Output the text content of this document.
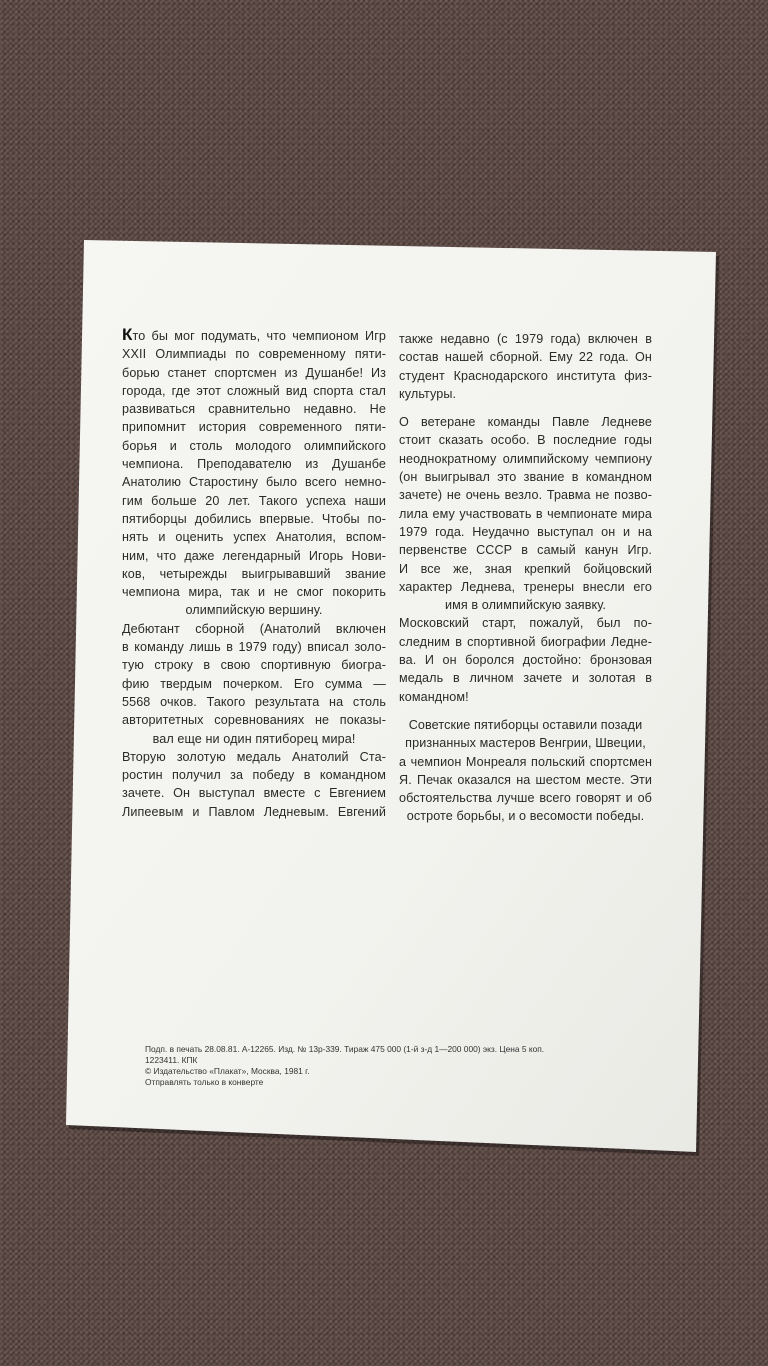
Кто бы мог подумать, что чемпионом Игр
XXII Олимпиады по современному пяти-
борью станет спортсмен из Душанбе! Из
города, где этот сложный вид спорта стал
развиваться сравнительно недавно. Не
припомнит история современного пяти-
борья и столь молодого олимпийского
чемпиона. Преподавателю из Душанбе
Анатолию Старостину было всего немно-
гим больше 20 лет. Такого успеха наши
пятиборцы добились впервые. Чтобы по-
нять и оценить успех Анатолия, вспом-
ним, что даже легендарный Игорь Нови-
ков, четырежды выигрывавший звание
чемпиона мира, так и не смог покорить
олимпийскую вершину.
Дебютант сборной (Анатолий включен
в команду лишь в 1979 году) вписал золо-
тую строку в свою спортивную биогра-
фию твердым почерком. Его сумма —
5568 очков. Такого результата на столь
авторитетных соревнованиях не показы-
вал еще ни один пятиборец мира!
Вторую золотую медаль Анатолий Ста-
ростин получил за победу в командном
зачете. Он выступал вместе с Евгением
Липеевым и Павлом Ледневым. Евгений
также недавно (с 1979 года) включен в
состав нашей сборной. Ему 22 года. Он
студент Краснодарского института физ-
культуры.
О ветеране команды Павле Ледневе
стоит сказать особо. В последние годы
неоднократному олимпийскому чемпиону
(он выигрывал это звание в командном
зачете) не очень везло. Травма не позво-
лила ему участвовать в чемпионате мира
1979 года. Неудачно выступал он и на
первенстве СССР в самый канун Игр.
И все же, зная крепкий бойцовский
характер Леднева, тренеры внесли его
имя в олимпийскую заявку.
Московский старт, пожалуй, был по-
следним в спортивной биографии Ледне-
ва. И он боролся достойно: бронзовая
медаль в личном зачете и золотая в
командном!
Советские пятиборцы оставили позади
признанных мастеров Венгрии, Швеции,
а чемпион Монреаля польский спортсмен
Я. Печак оказался на шестом месте. Эти
обстоятельства лучше всего говорят и об
остроте борьбы, и о весомости победы.
Подп. в печать 28.08.81. А-12265. Изд. № 13р-339. Тираж 475 000 (1-й з-д 1—200 000) экз. Цена 5 коп.
1223411. КПК
© Издательство «Плакат», Москва, 1981 г.
Отправлять только в конверте
